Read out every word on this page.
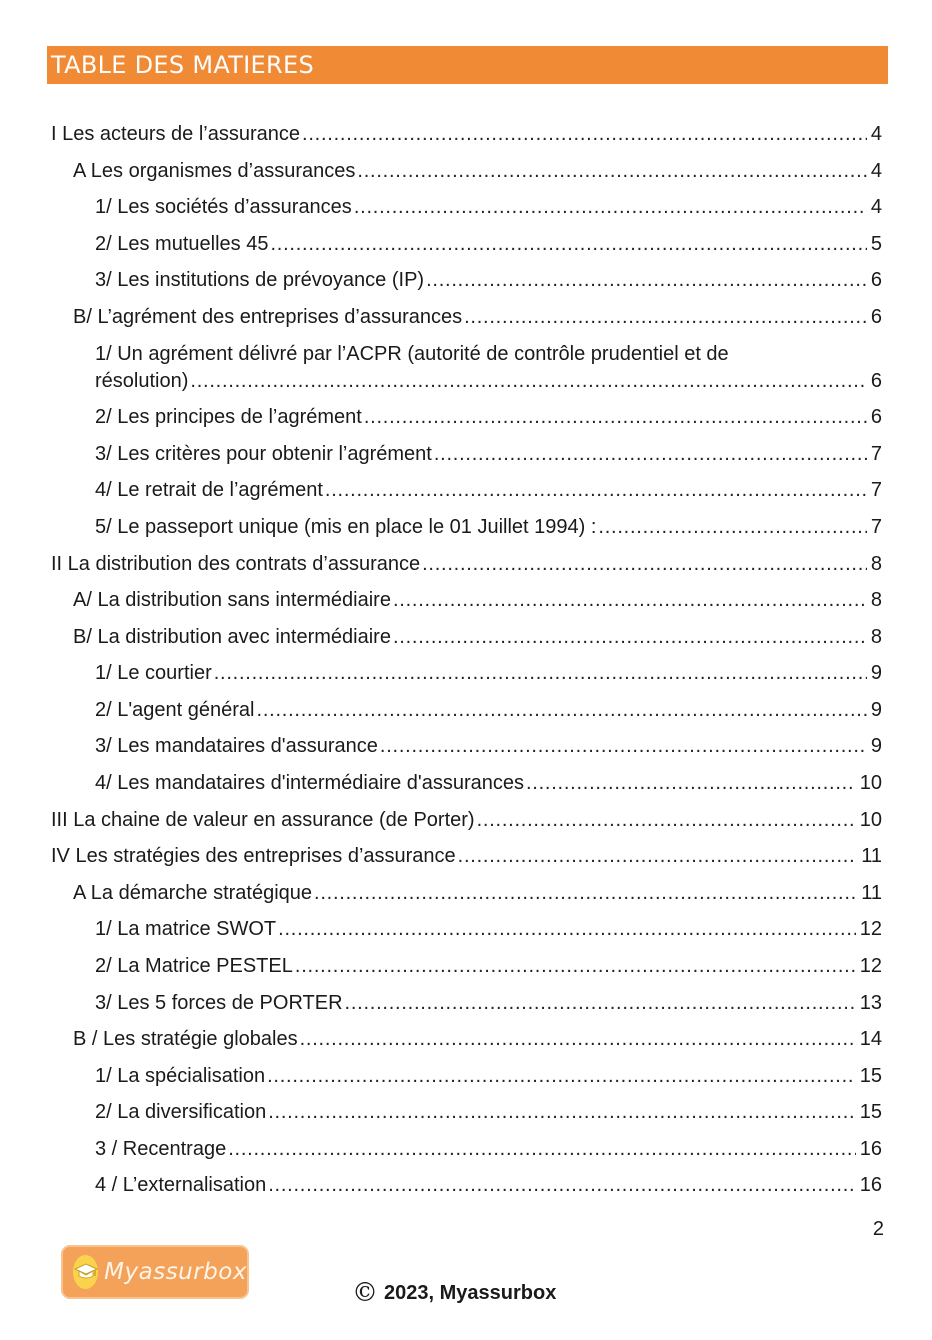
TABLE DES MATIERES
I Les acteurs de l’assurance . . .	4
A Les organismes d’assurances . . .	4
1/ Les sociétés d’assurances . . .	4
2/ Les mutuelles 45 . . .	5
3/ Les institutions de prévoyance (IP) . . .	6
B/ L’agrément des entreprises d’assurances . . .	6
1/ Un agrément délivré par l’ACPR (autorité de contrôle prudentiel et de
résolution) . . .	6
2/ Les principes de l’agrément . . .	6
3/ Les critères pour obtenir l’agrément . . .	7
4/ Le retrait de l’agrément . . .	7
5/ Le passeport unique (mis en place le 01 Juillet 1994) : . . .	7
II La distribution des contrats d’assurance . . .	8
A/ La distribution sans intermédiaire . . .	8
B/ La distribution avec intermédiaire . . .	8
1/ Le courtier . . .	9
2/ L'agent général . . .	9
3/ Les mandataires d'assurance . . .	9
4/ Les mandataires d'intermédiaire d'assurances . . .	10
III La chaine de valeur en assurance (de Porter) . . .	10
IV Les stratégies des entreprises d’assurance . . .	11
A La démarche stratégique . . .	11
1/ La matrice SWOT . . .	12
2/ La Matrice PESTEL . . .	12
3/ Les 5 forces de PORTER . . .	13
B / Les stratégie globales . . .	14
1/ La spécialisation . . .	15
2/ La diversification . . .	15
3 / Recentrage . . .	16
4 / L’externalisation . . .	16
2
Myassurbox
© 2023, Myassurbox
